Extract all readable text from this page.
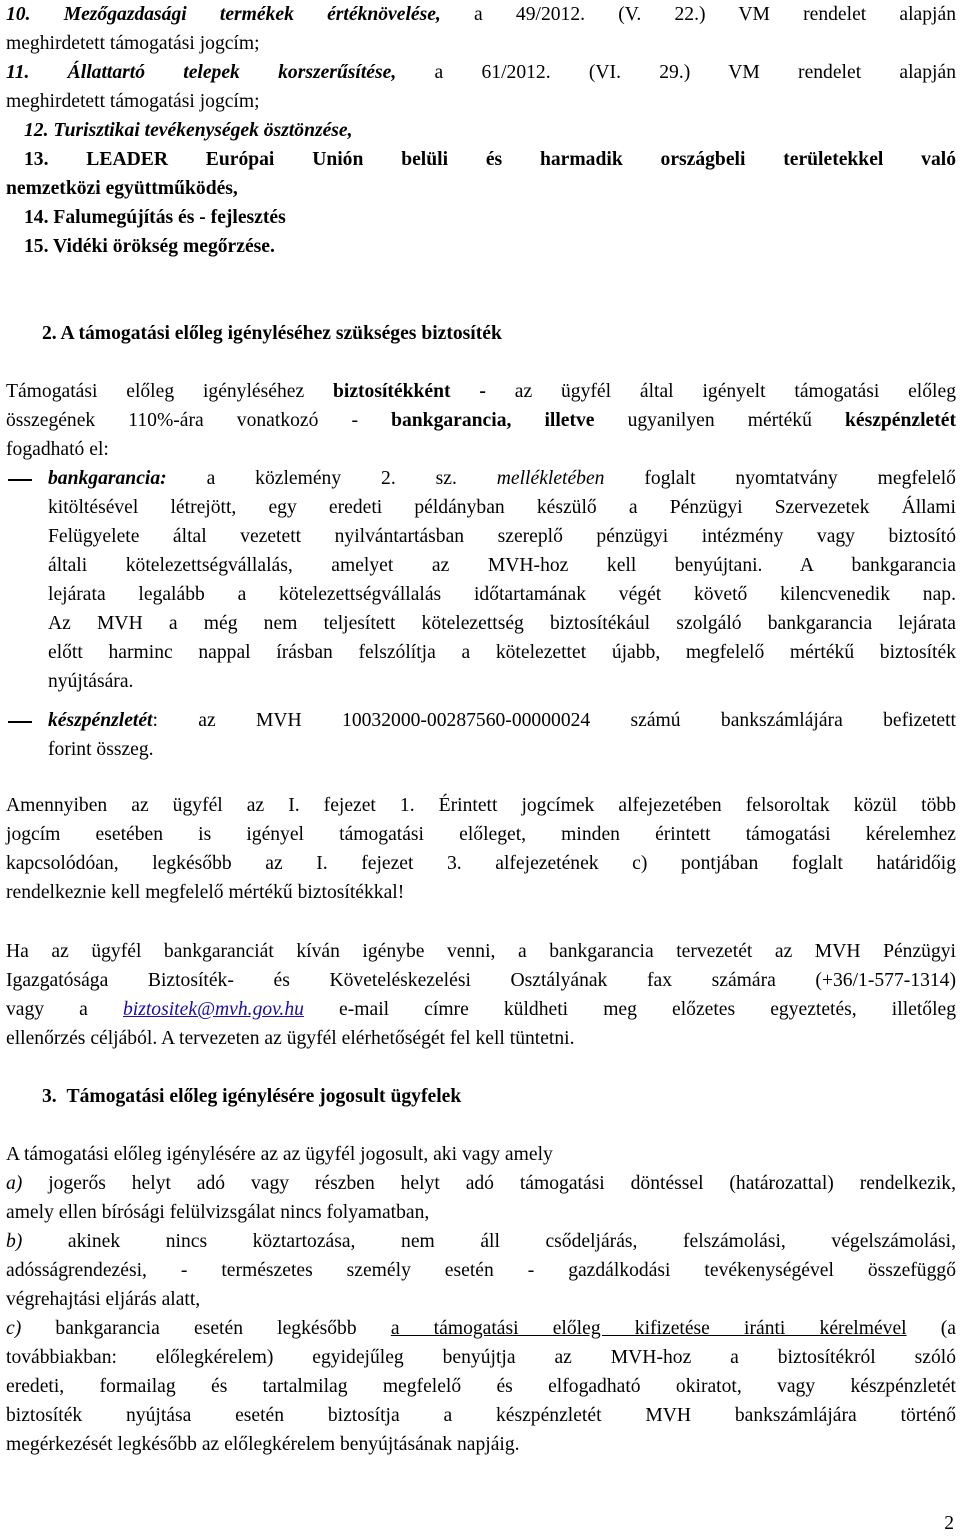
10. Mezőgazdasági termékek értéknövelése, a 49/2012. (V. 22.) VM rendelet alapján
meghirdetett támogatási jogcím;
11. Állattartó telepek korszerűsítése, a 61/2012. (VI. 29.) VM rendelet alapján
meghirdetett támogatási jogcím;
12. Turisztikai tevékenységek ösztönzése,
13. LEADER Európai Unión belüli és harmadik országbeli területekkel való
nemzetközi együttműködés,
14. Falumegújítás és - fejlesztés
15. Vidéki örökség megőrzése.
2. A támogatási előleg igényléséhez szükséges biztosíték
Támogatási előleg igényléséhez biztosítékként - az ügyfél által igényelt támogatási előleg
összegének 110%-ára vonatkozó - bankgarancia, illetve ugyanilyen mértékű készpénzletét
fogadható el:
bankgarancia: a közlemény 2. sz. mellékletében foglalt nyomtatvány megfelelő
kitöltésével létrejött, egy eredeti példányban készülő a Pénzügyi Szervezetek Állami
Felügyelete által vezetett nyilvántartásban szereplő pénzügyi intézmény vagy biztosító
általi kötelezettségvállalás, amelyet az MVH-hoz kell benyújtani. A bankgarancia
lejárata legalább a kötelezettségvállalás időtartamának végét követő kilencvenedik nap.
Az MVH a még nem teljesített kötelezettség biztosítékául szolgáló bankgarancia lejárata
előtt harminc nappal írásban felszólítja a kötelezettet újabb, megfelelő mértékű biztosíték
nyújtására.
készpénzletét: az MVH 10032000-00287560-00000024 számú bankszámlájára befizetett
forint összeg.
Amennyiben az ügyfél az I. fejezet 1. Érintett jogcímek alfejezetében felsoroltak közül több
jogcím esetében is igényel támogatási előleget, minden érintett támogatási kérelemhez
kapcsolódóan, legkésőbb az I. fejezet 3. alfejezetének c) pontjában foglalt határidőig
rendelkeznie kell megfelelő mértékű biztosítékkal!
Ha az ügyfél bankgaranciát kíván igénybe venni, a bankgarancia tervezetét az MVH Pénzügyi
Igazgatósága Biztosíték- és Követeléskezelési Osztályának fax számára (+36/1-577-1314)
vagy a biztositek@mvh.gov.hu e-mail címre küldheti meg előzetes egyeztetés, illetőleg
ellenőrzés céljából. A tervezeten az ügyfél elérhetőségét fel kell tüntetni.
3. Támogatási előleg igénylésére jogosult ügyfelek
A támogatási előleg igénylésére az az ügyfél jogosult, aki vagy amely
a) jogerős helyt adó vagy részben helyt adó támogatási döntéssel (határozattal) rendelkezik,
amely ellen bírósági felülvizsgálat nincs folyamatban,
b) akinek nincs köztartozása, nem áll csődeljárás, felszámolási, végelszámolási,
adósságrendezési, - természetes személy esetén - gazdálkodási tevékenységével összefüggő
végrehajtási eljárás alatt,
c) bankgarancia esetén legkésőbb a támogatási előleg kifizetése iránti kérelmével (a
továbbiakban: előlegkérelem) egyidejűleg benyújtja az MVH-hoz a biztosítékról szóló
eredeti, formailag és tartalmilag megfelelő és elfogadható okiratot, vagy készpénzletét
biztosíték nyújtása esetén biztosítja a készpénzletét MVH bankszámlájára történő
megérkezését legkésőbb az előlegkérelem benyújtásának napjáig.
2
